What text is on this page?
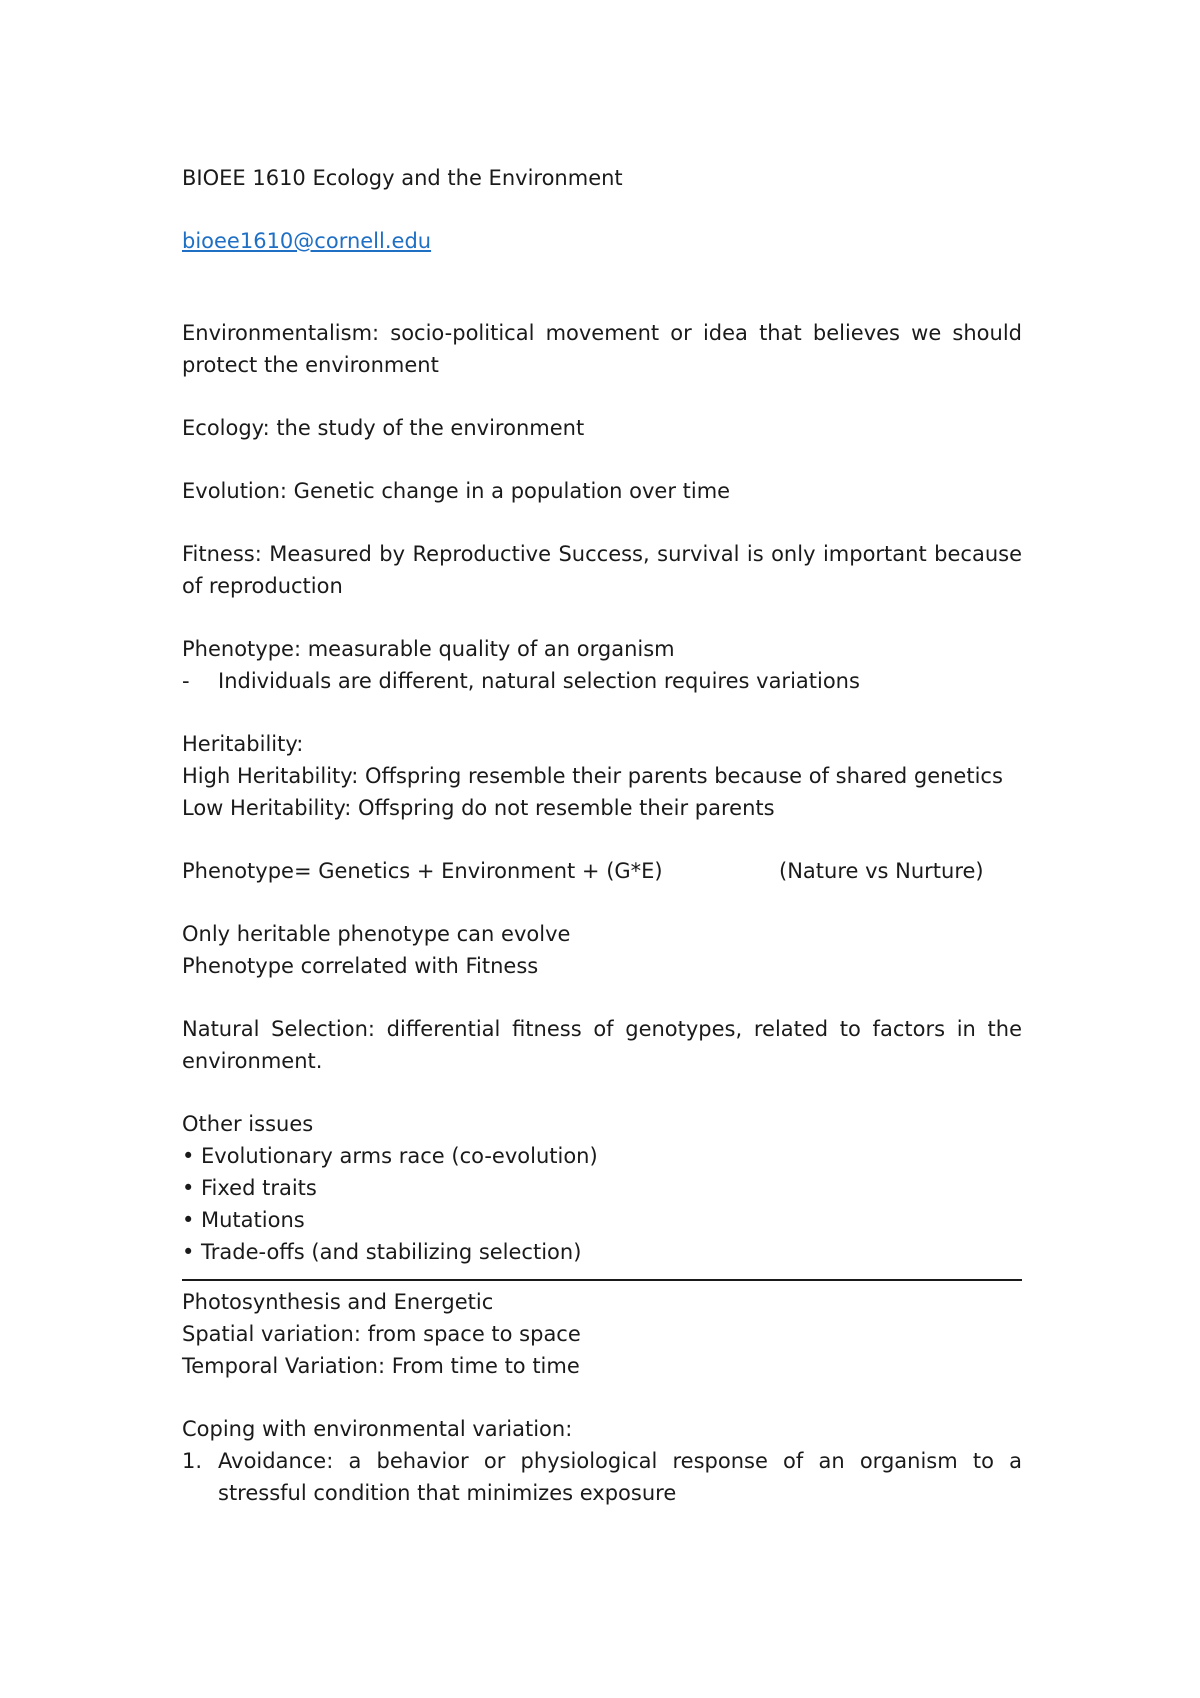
BIOEE 1610 Ecology and the Environment

bioee1610@cornell.edu

Environmentalism: socio-political movement or idea that believes we should protect the environment

Ecology: the study of the environment

Evolution: Genetic change in a population over time

Fitness: Measured by Reproductive Success, survival is only important because of reproduction

Phenotype: measurable quality of an organism

-	Individuals are different, natural selection requires variations

Heritability:

High Heritability: Offspring resemble their parents because of shared genetics

Low Heritability: Offspring do not resemble their parents

Phenotype= Genetics + Environment + (G*E)	(Nature vs Nurture)

Only heritable phenotype can evolve

Phenotype correlated with Fitness

Natural Selection: differential fitness of genotypes, related to factors in the environment.

Other issues

• Evolutionary arms race (co-evolution)
• Fixed traits
• Mutations
• Trade-offs (and stabilizing selection)

Photosynthesis and Energetic

Spatial variation: from space to space

Temporal Variation: From time to time

Coping with environmental variation:

1. Avoidance: a behavior or physiological response of an organism to a stressful condition that minimizes exposure
